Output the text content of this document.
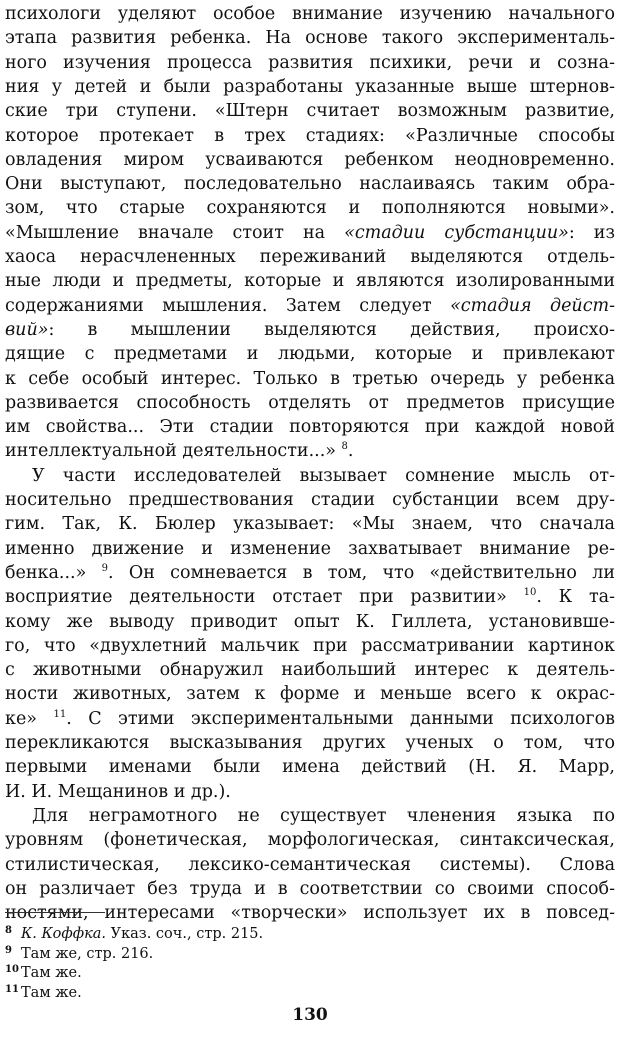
психологи уделяют особое внимание изучению начального
этапа развития ребенка. На основе такого эксперименталь-
ного изучения процесса развития психики, речи и созна-
ния у детей и были разработаны указанные выше штернов-
ские три ступени. «Штерн считает возможным развитие,
которое протекает в трех стадиях: «Различные способы
овладения миром усваиваются ребенком неодновременно.
Они выступают, последовательно наслаиваясь таким обра-
зом, что старые сохраняются и пополняются новыми».
«Мышление вначале стоит на «стадии субстанции»: из
хаоса нерасчлененных переживаний выделяются отдель-
ные люди и предметы, которые и являются изолированными
содержаниями мышления. Затем следует «стадия дейст-
вий»: в мышлении выделяются действия, происхо-
дящие с предметами и людьми, которые и привлекают
к себе особый интерес. Только в третью очередь у ребенка
развивается способность отделять от предметов присущие
им свойства... Эти стадии повторяются при каждой новой
интеллектуальной деятельности...» $^8$.
У части исследователей вызывает сомнение мысль от-
носительно предшествования стадии субстанции всем дру-
гим. Так, К. Бюлер указывает: «Мы знаем, что сначала
именно движение и изменение захватывает внимание ре-
бенка...» $^9$. Он сомневается в том, что «действительно ли
восприятие деятельности отстает при развитии» $^{10}$. К та-
кому же выводу приводит опыт К. Гиллета, установивше-
го, что «двухлетний мальчик при рассматривании картинок
с животными обнаружил наибольший интерес к деятель-
ности животных, затем к форме и меньше всего к окрас-
ке» $^{11}$. С этими экспериментальными данными психологов
перекликаются высказывания других ученых о том, что
первыми именами были имена действий (Н. Я. Марр,
И. И. Мещанинов и др.).
Для неграмотного не существует членения языка по
уровням (фонетическая, морфологическая, синтаксическая,
стилистическая, лексико-семантическая системы). Слова
он различает без труда и в соответствии со своими способ-
ностями, интересами «творчески» использует их в повсед-
8 К. Коффка. Указ. соч., стр. 215.
9 Там же, стр. 216.
10 Там же.
11 Там же.
130
